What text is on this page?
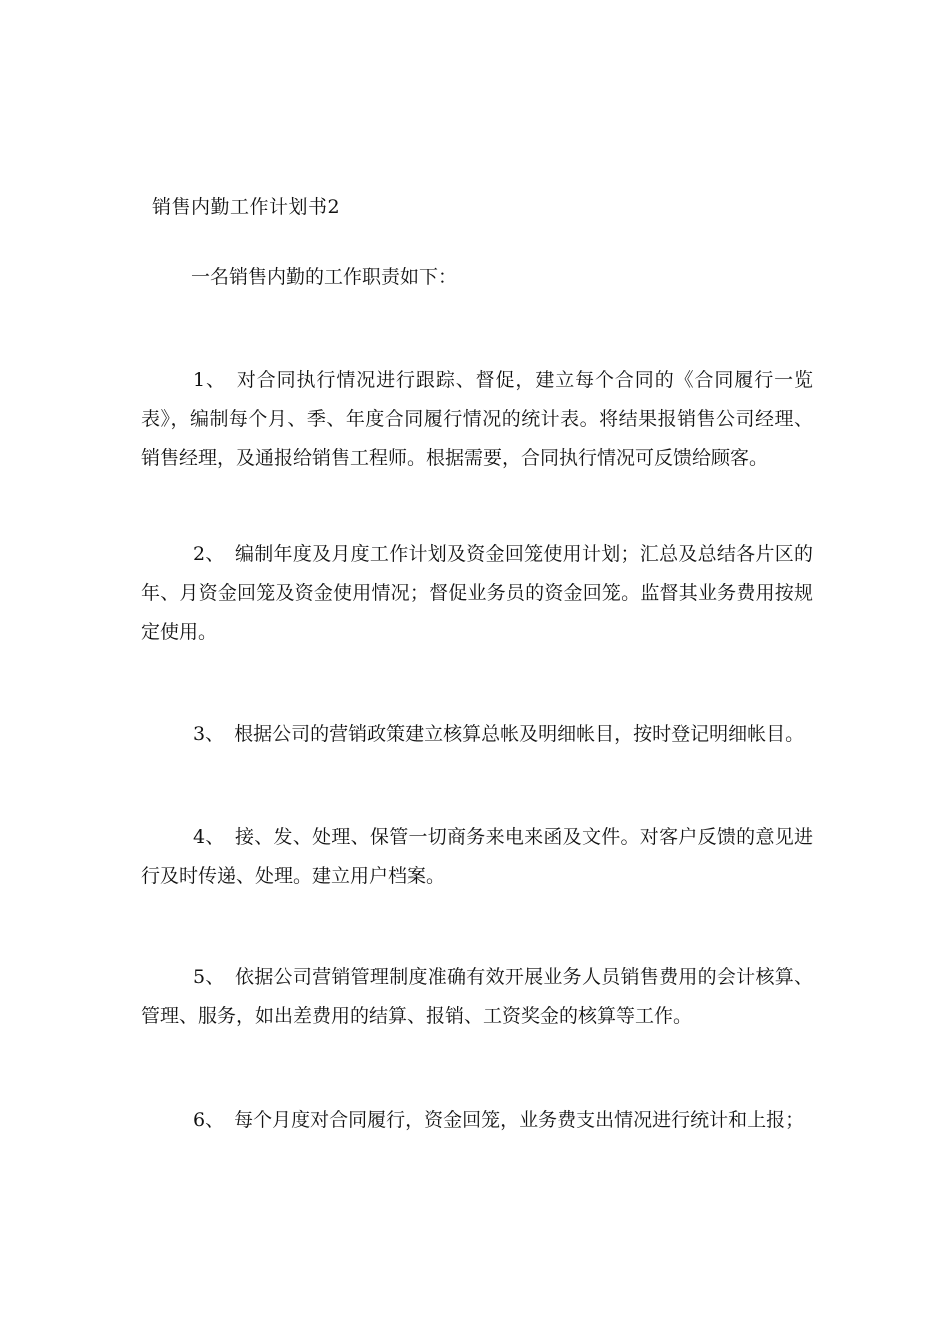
销售内勤工作计划书2

一名销售内勤的工作职责如下：

1、 对合同执行情况进行跟踪、督促，建立每个合同的《合同履行一览表》，编制每个月、季、年度合同履行情况的统计表。将结果报销售公司经理、销售经理，及通报给销售工程师。根据需要，合同执行情况可反馈给顾客。

2、 编制年度及月度工作计划及资金回笼使用计划；汇总及总结各片区的年、月资金回笼及资金使用情况；督促业务员的资金回笼。监督其业务费用按规定使用。

3、 根据公司的营销政策建立核算总帐及明细帐目，按时登记明细帐目。

4、 接、发、处理、保管一切商务来电来函及文件。对客户反馈的意见进行及时传递、处理。建立用户档案。

5、 依据公司营销管理制度准确有效开展业务人员销售费用的会计核算、管理、服务，如出差费用的结算、报销、工资奖金的核算等工作。

6、 每个月度对合同履行，资金回笼，业务费支出情况进行统计和上报；
